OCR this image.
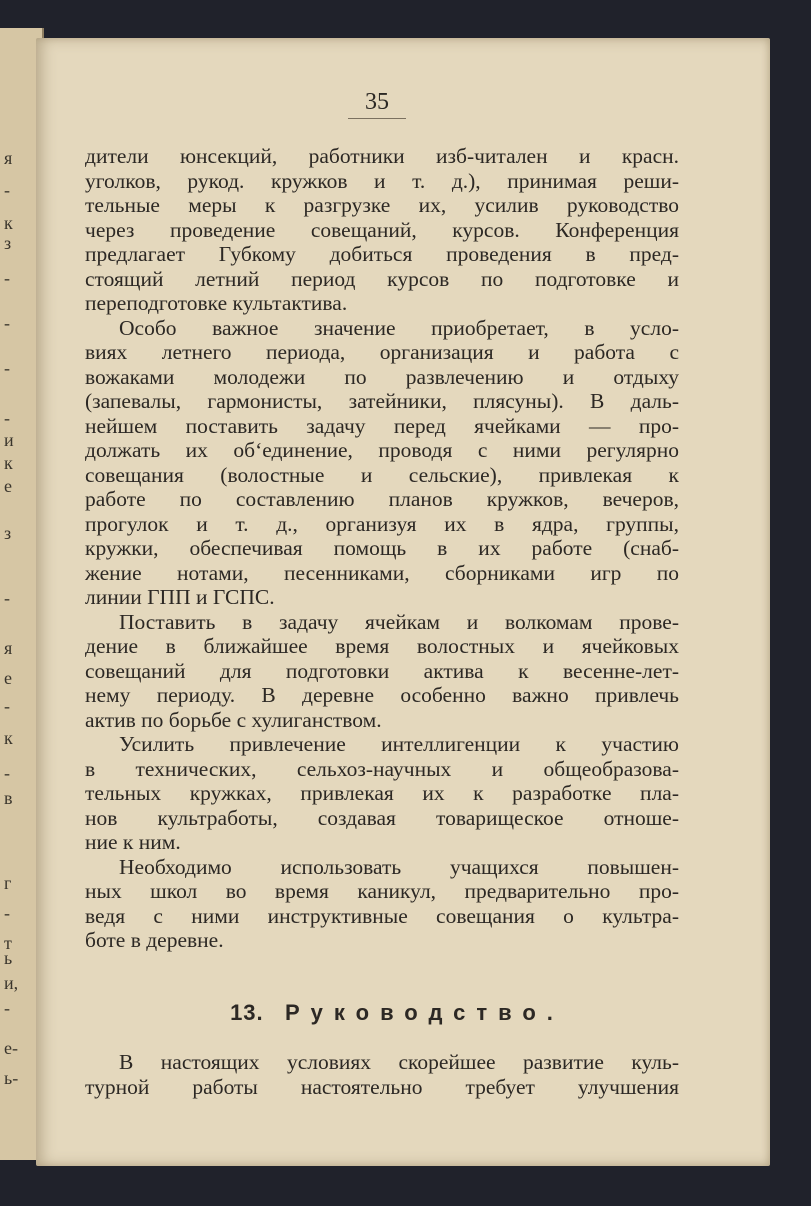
я
-
к
з
-
-
-
-
и
к
е
з
-
я
е
-
к
-
в
г
-
т
ь
и,
-
е-
ь-
35
дители юнсекций, работники изб-читален и красн.
уголков, рукод. кружков и т. д.), принимая реши-
тельные меры к разгрузке их, усилив руководство
через проведение совещаний, курсов. Конференция
предлагает Губкому добиться проведения в пред-
стоящий летний период курсов по подготовке и
переподготовке культактива.
Особо важное значение приобретает, в усло-
виях летнего периода, организация и работа с
вожаками молодежи по развлечению и отдыху
(запевалы, гармонисты, затейники, плясуны). В даль-
нейшем поставить задачу перед ячейками — про-
должать их об‘единение, проводя с ними регулярно
совещания (волостные и сельские), привлекая к
работе по составлению планов кружков, вечеров,
прогулок и т. д., организуя их в ядра, группы,
кружки, обеспечивая помощь в их работе (снаб-
жение нотами, песенниками, сборниками игр по
линии ГПП и ГСПС.
Поставить в задачу ячейкам и волкомам прове-
дение в ближайшее время волостных и ячейковых
совещаний для подготовки актива к весенне-лет-
нему периоду. В деревне особенно важно привлечь
актив по борьбе с хулиганством.
Усилить привлечение интеллигенции к участию
в технических, сельхоз-научных и общеобразова-
тельных кружках, привлекая их к разработке пла-
нов культработы, создавая товарищеское отноше-
ние к ним.
Необходимо использовать учащихся повышен-
ных школ во время каникул, предварительно про-
ведя с ними инструктивные совещания о культра-
боте в деревне.
13. Руководство.
В настоящих условиях скорейшее развитие куль-
турной работы настоятельно требует улучшения
